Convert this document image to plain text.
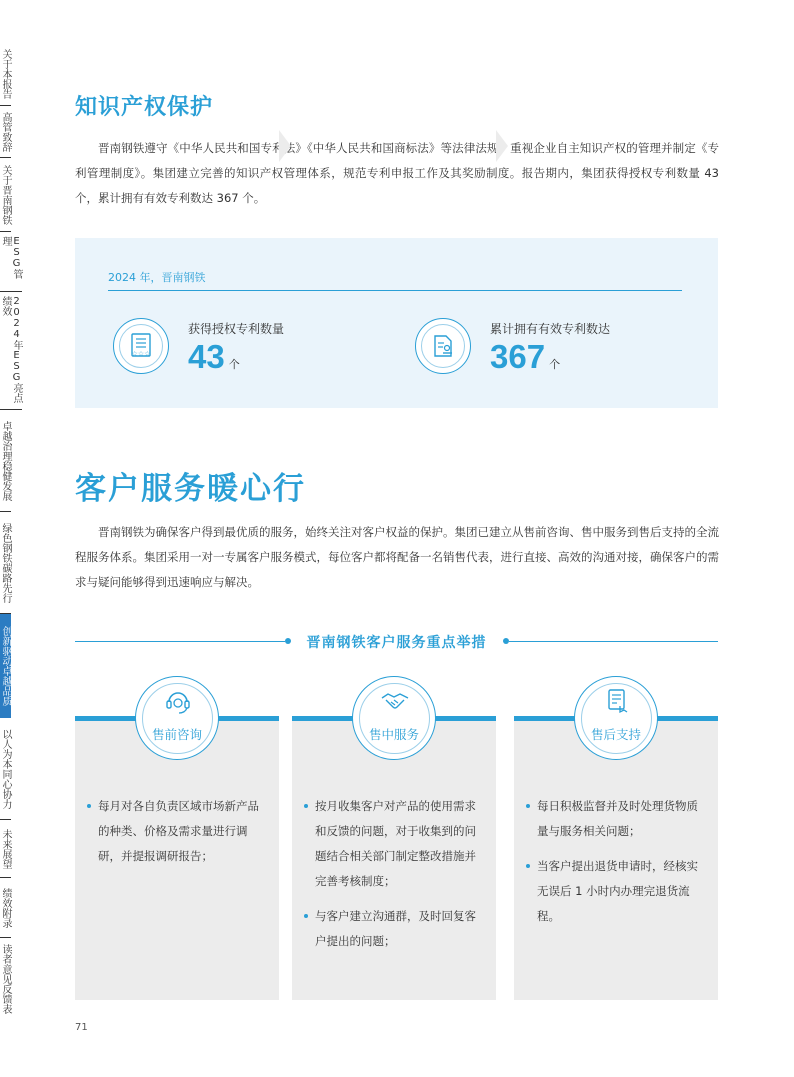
关于本报告
高管致辞
关于晋南钢铁
ESG管理
2024年ESG亮点绩效
卓越治理稳健发展
绿色钢铁碳路先行
创新驱动卓越品质
以人为本同心协力
未来展望
绩效附录
读者意见反馈表
知识产权保护

晋南钢铁遵守《中华人民共和国专利法》《中华人民共和国商标法》等法律法规，重视企业自主知识产权的管理并制定《专利管理制度》。集团建立完善的知识产权管理体系，规范专利申报工作及其奖励制度。报告期内，集团获得授权专利数量 43 个，累计拥有有效专利数达 367 个。

2024 年，晋南钢铁
☆☆☆
获得授权专利数量
43 个
累计拥有有效专利数达
367 个
客户服务暖心行

晋南钢铁为确保客户得到最优质的服务，始终关注对客户权益的保护。集团已建立从售前咨询、售中服务到售后支持的全流程服务体系。集团采用一对一专属客户服务模式，每位客户都将配备一名销售代表，进行直接、高效的沟通对接，确保客户的需求与疑问能够得到迅速响应与解决。

晋南钢铁客户服务重点举措
售前咨询
每月对各自负责区域市场新产品的种类、价格及需求量进行调研，并提报调研报告；
售中服务
按月收集客户对产品的使用需求和反馈的问题，对于收集到的问题结合相关部门制定整改措施并完善考核制度；
与客户建立沟通群，及时回复客户提出的问题；
售后支持
每日积极监督并及时处理货物质量与服务相关问题；
当客户提出退货申请时，经核实无误后 1 小时内办理完退货流程。
71
